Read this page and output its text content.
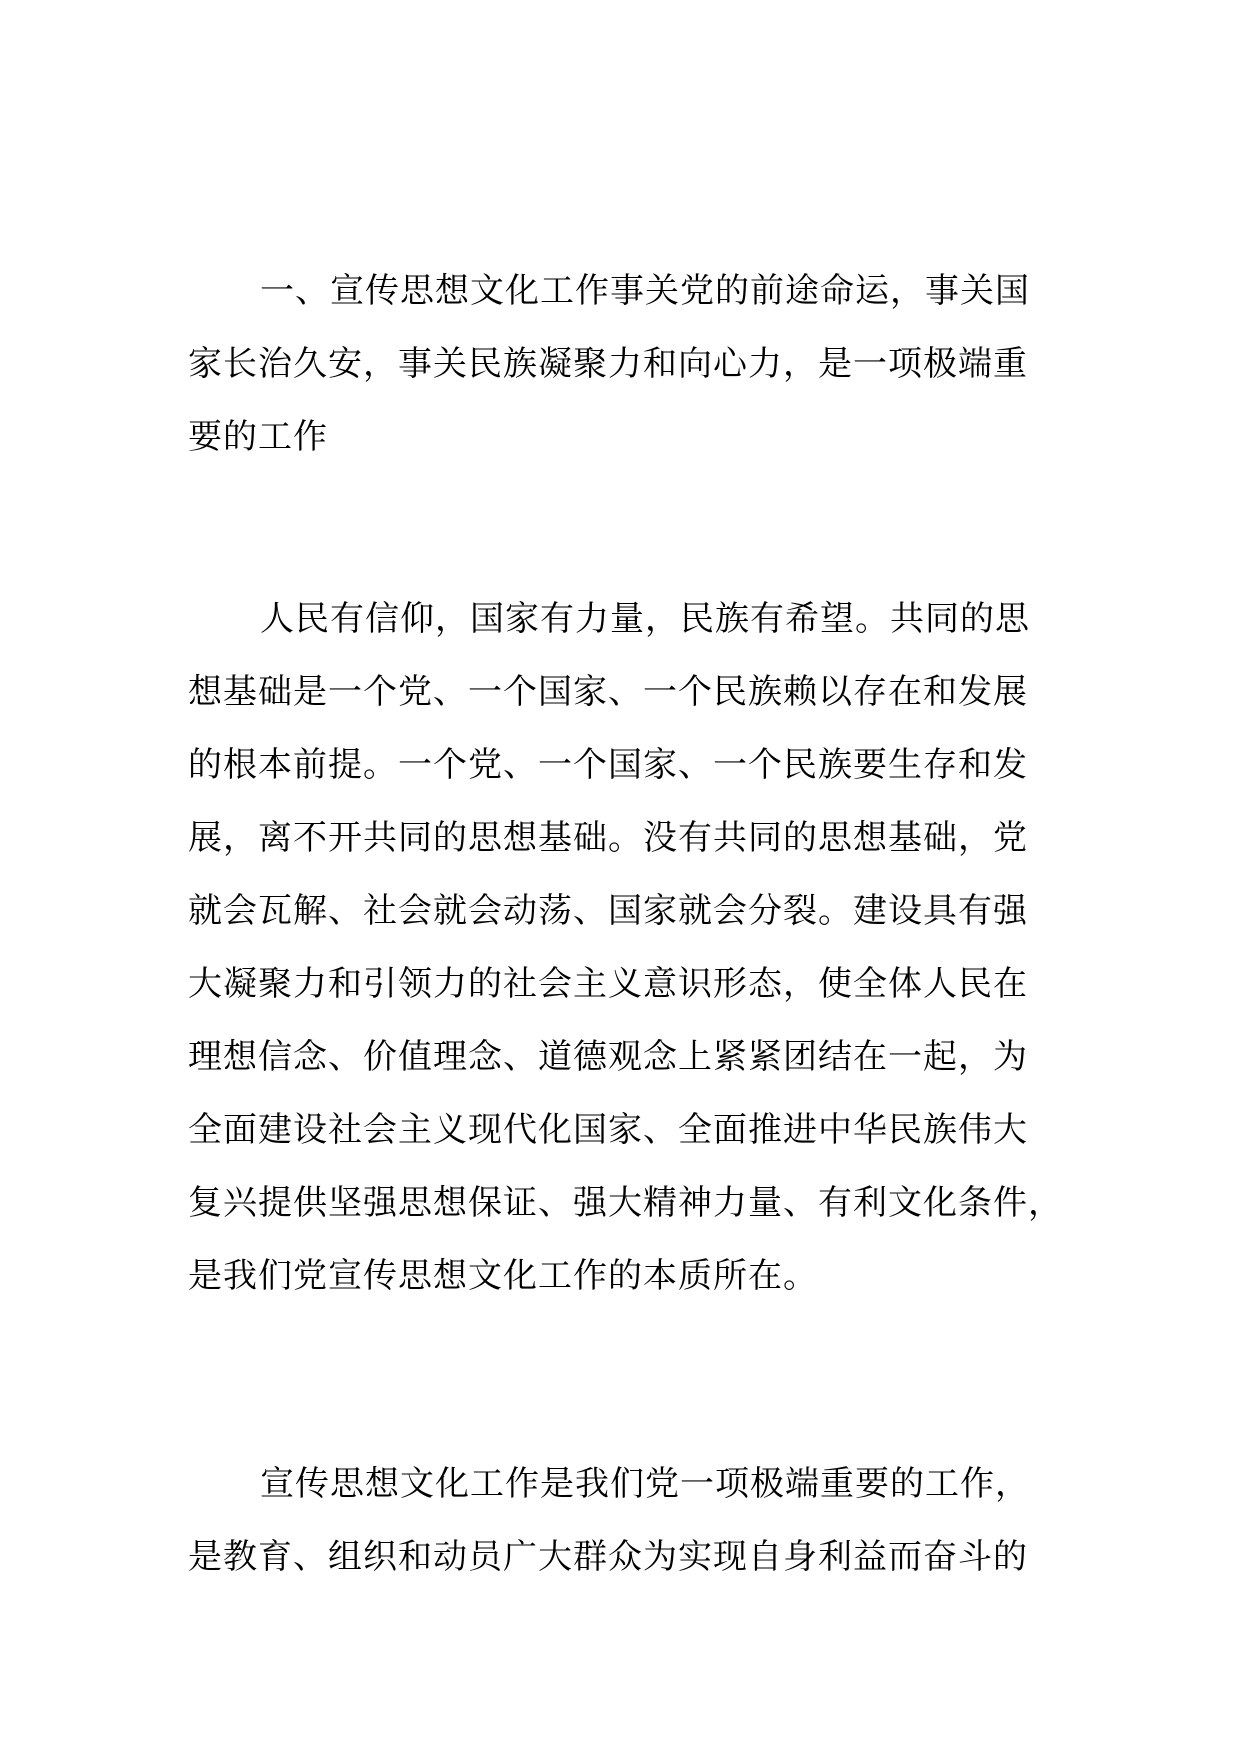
一、宣传思想文化工作事关党的前途命运，事关国
家长治久安，事关民族凝聚力和向心力，是一项极端重
要的工作
人民有信仰，国家有力量，民族有希望。共同的思
想基础是一个党、一个国家、一个民族赖以存在和发展
的根本前提。一个党、一个国家、一个民族要生存和发
展，离不开共同的思想基础。没有共同的思想基础，党
就会瓦解、社会就会动荡、国家就会分裂。建设具有强
大凝聚力和引领力的社会主义意识形态，使全体人民在
理想信念、价值理念、道德观念上紧紧团结在一起，为
全面建设社会主义现代化国家、全面推进中华民族伟大
复兴提供坚强思想保证、强大精神力量、有利文化条件，
是我们党宣传思想文化工作的本质所在。
宣传思想文化工作是我们党一项极端重要的工作，
是教育、组织和动员广大群众为实现自身利益而奋斗的
